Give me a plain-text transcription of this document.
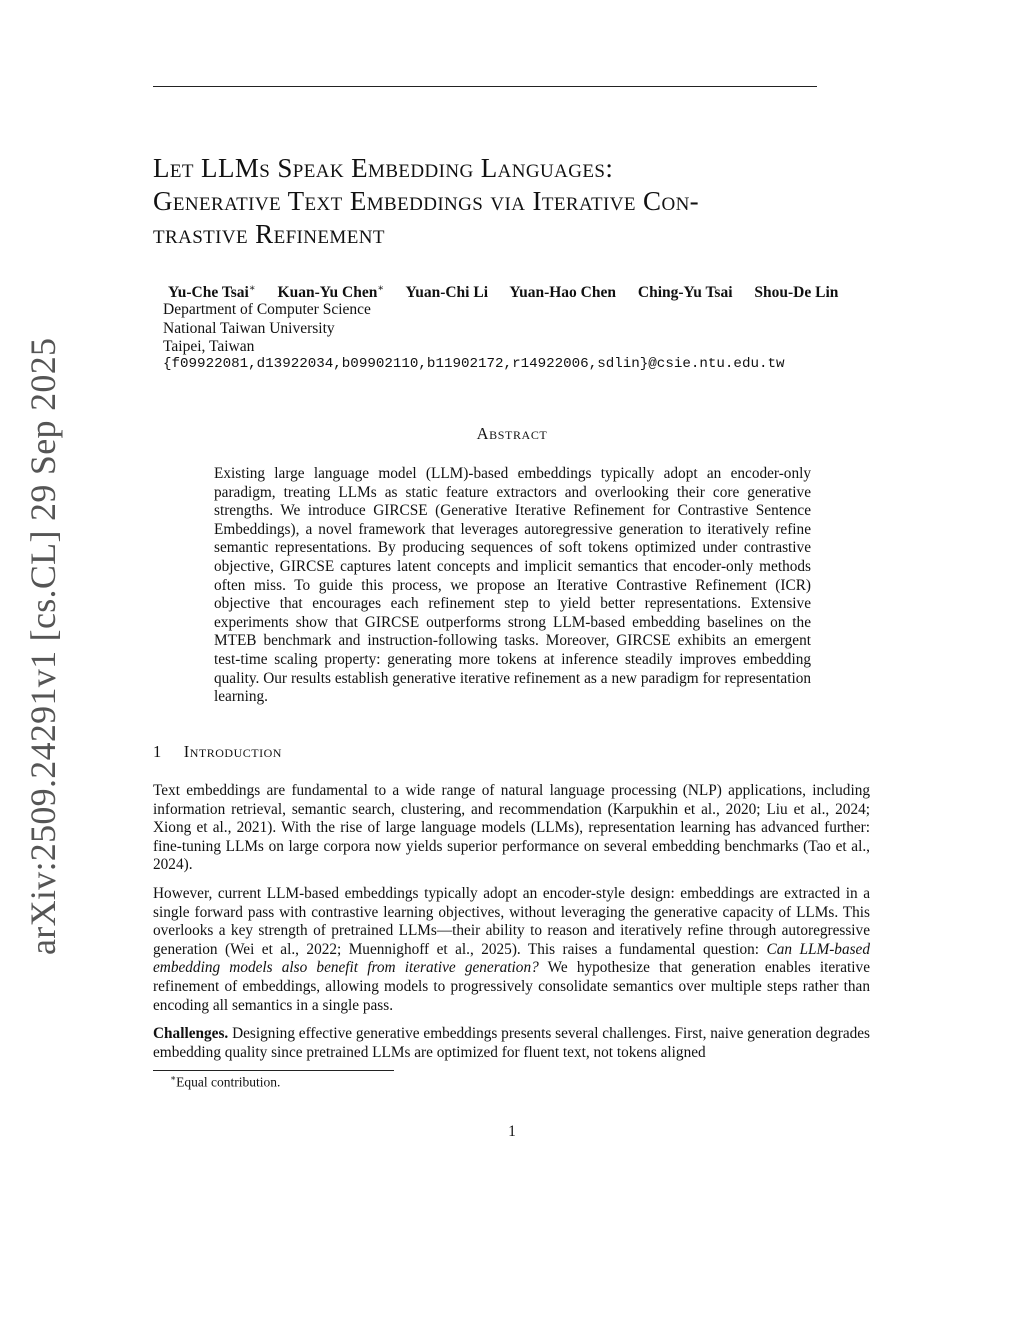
arXiv:2509.24291v1 [cs.CL] 29 Sep 2025
Let LLMs Speak Embedding Languages:
Generative Text Embeddings via Iterative Con-
trastive Refinement
Yu-Che Tsai∗ Kuan-Yu Chen∗ Yuan-Chi Li Yuan-Hao Chen Ching-Yu Tsai Shou-De Lin
Department of Computer Science
National Taiwan University
Taipei, Taiwan
{f09922081,d13922034,b09902110,b11902172,r14922006,sdlin}@csie.ntu.edu.tw
Abstract

Existing large language model (LLM)-based embeddings typically adopt an encoder-only paradigm, treating LLMs as static feature extractors and overlooking their core generative strengths. We introduce GIRCSE (Generative Iterative Refinement for Contrastive Sentence Embeddings), a novel framework that leverages autoregressive generation to iteratively refine semantic representations. By producing sequences of soft tokens optimized under contrastive objective, GIRCSE captures latent concepts and implicit semantics that encoder-only methods often miss. To guide this process, we propose an Iterative Contrastive Refinement (ICR) objective that encourages each refinement step to yield better representations. Extensive experiments show that GIRCSE outperforms strong LLM-based embedding baselines on the MTEB benchmark and instruction-following tasks. Moreover, GIRCSE exhibits an emergent test-time scaling property: generating more tokens at inference steadily improves embedding quality. Our results establish generative iterative refinement as a new paradigm for representation learning.

1 Introduction

Text embeddings are fundamental to a wide range of natural language processing (NLP) applications, including information retrieval, semantic search, clustering, and recommendation (Karpukhin et al., 2020; Liu et al., 2024; Xiong et al., 2021). With the rise of large language models (LLMs), representation learning has advanced further: fine-tuning LLMs on large corpora now yields superior performance on several embedding benchmarks (Tao et al., 2024).

However, current LLM-based embeddings typically adopt an encoder-style design: embeddings are extracted in a single forward pass with contrastive learning objectives, without leveraging the generative capacity of LLMs. This overlooks a key strength of pretrained LLMs—their ability to reason and iteratively refine through autoregressive generation (Wei et al., 2022; Muennighoff et al., 2025). This raises a fundamental question: Can LLM-based embedding models also benefit from iterative generation? We hypothesize that generation enables iterative refinement of embeddings, allowing models to progressively consolidate semantics over multiple steps rather than encoding all semantics in a single pass.

Challenges. Designing effective generative embeddings presents several challenges. First, naive generation degrades embedding quality since pretrained LLMs are optimized for fluent text, not tokens aligned

∗Equal contribution.
1
